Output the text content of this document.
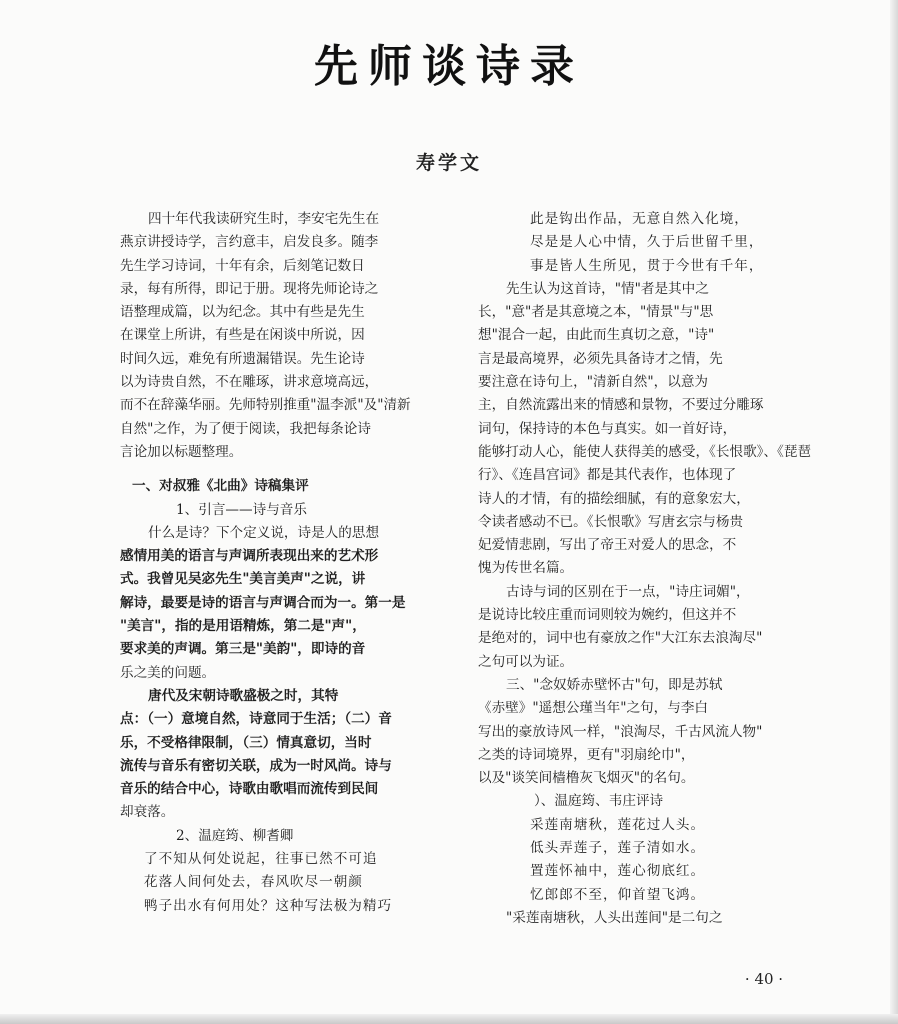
先师谈诗录
寿学文
四十年代我读研究生时，李安宅先生在
燕京讲授诗学，言约意丰，启发良多。随李
先生学习诗词，十年有余，后刻笔记数日
录，每有所得，即记于册。现将先师论诗之
语整理成篇，以为纪念。其中有些是先生
在课堂上所讲，有些是在闲谈中所说，因
时间久远，难免有所遗漏错误。先生论诗
以为诗贵自然，不在雕琢，讲求意境高远，
而不在辞藻华丽。先师特别推重"温李派"及"清新
自然"之作，为了便于阅读，我把每条论诗
言论加以标题整理。
一、对叔雅《北曲》诗稿集评
1、引言——诗与音乐
什么是诗？下个定义说，诗是人的思想
感情用美的语言与声调所表现出来的艺术形
式。我曾见吴宓先生"美言美声"之说，讲
解诗，最要是诗的语言与声调合而为一。第一是
"美言"，指的是用语精炼，第二是"声"，
要求美的声调。第三是"美韵"，即诗的音
乐之美的问题。
唐代及宋朝诗歌盛极之时，其特
点：（一）意境自然，诗意同于生活；（二）音
乐，不受格律限制，（三）情真意切，当时
流传与音乐有密切关联，成为一时风尚。诗与
音乐的结合中心，诗歌由歌唱而流传到民间
却衰落。
2、温庭筠、柳耆卿
了不知从何处说起，往事已然不可追
花落人间何处去，春风吹尽一朝颜
鸭子出水有何用处？这种写法极为精巧
此是钩出作品，无意自然入化境，
尽是是人心中情，久于后世留千里，
事是皆人生所见，贯于今世有千年，
先生认为这首诗，"情"者是其中之
长，"意"者是其意境之本，"情景"与"思
想"混合一起，由此而生真切之意，"诗"
言是最高境界，必须先具备诗才之情，先
要注意在诗句上，"清新自然"，以意为
主，自然流露出来的情感和景物，不要过分雕琢
词句，保持诗的本色与真实。如一首好诗，
能够打动人心，能使人获得美的感受，《长恨歌》、《琵琶
行》、《连昌宫词》都是其代表作，也体现了
诗人的才情，有的描绘细腻，有的意象宏大，
令读者感动不已。《长恨歌》写唐玄宗与杨贵
妃爱情悲剧，写出了帝王对爱人的思念，不
愧为传世名篇。
古诗与词的区别在于一点，"诗庄词媚"，
是说诗比较庄重而词则较为婉约，但这并不
是绝对的，词中也有豪放之作"大江东去浪淘尽"
之句可以为证。
三、"念奴娇赤壁怀古"句，即是苏轼
《赤壁》"遥想公瑾当年"之句，与李白
写出的豪放诗风一样，"浪淘尽，千古风流人物"
之类的诗词境界，更有"羽扇纶巾"，
以及"谈笑间樯橹灰飞烟灭"的名句。
）、温庭筠、韦庄评诗
采莲南塘秋，莲花过人头。
低头弄莲子，莲子清如水。
置莲怀袖中，莲心彻底红。
忆郎郎不至，仰首望飞鸿。
"采莲南塘秋，人头出莲间"是二句之
· 40 ·
